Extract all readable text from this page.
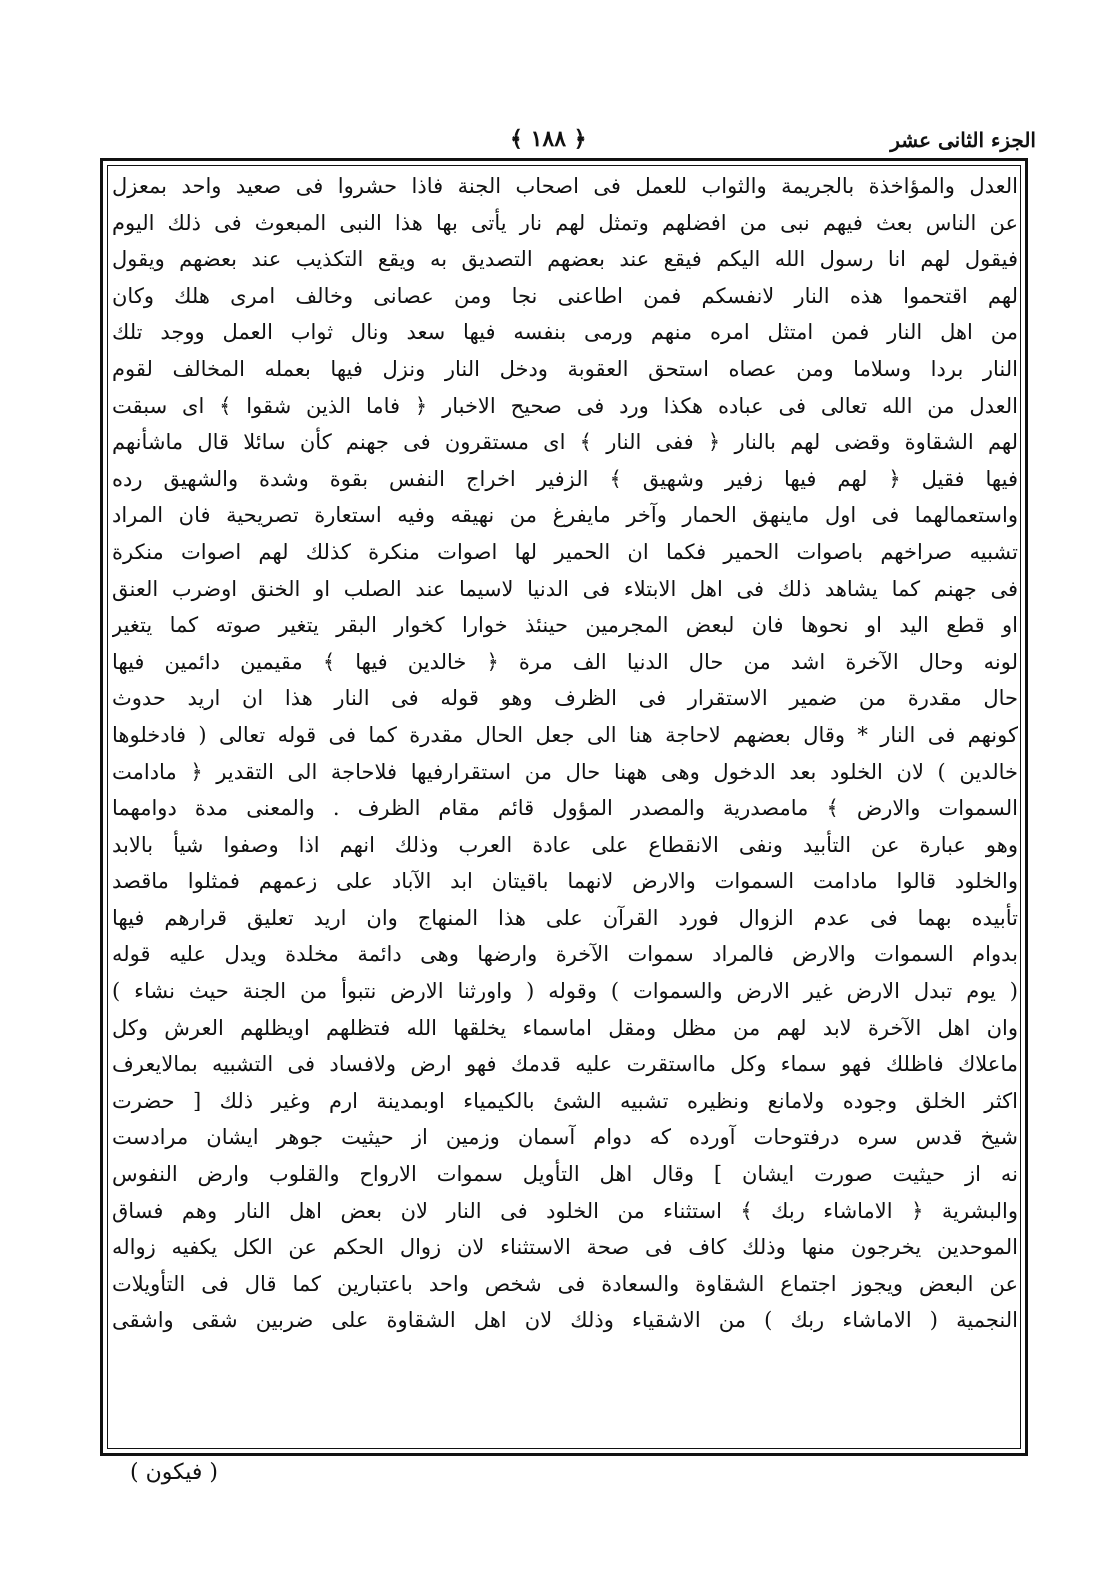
الجزء الثانى عشر
﴿ ١٨٨ ﴾
العدل والمؤاخذة بالجريمة والثواب للعمل فى اصحاب الجنة فاذا حشروا فى صعيد واحد بمعزل
عن الناس بعث فيهم نبى من افضلهم وتمثل لهم نار يأتى بها هذا النبى المبعوث فى ذلك اليوم
فيقول لهم انا رسول الله اليكم فيقع عند بعضهم التصديق به ويقع التكذيب عند بعضهم ويقول
لهم اقتحموا هذه النار لانفسكم فمن اطاعنى نجا ومن عصانى وخالف امرى هلك وكان
من اهل النار فمن امتثل امره منهم ورمى بنفسه فيها سعد ونال ثواب العمل ووجد تلك
النار بردا وسلاما ومن عصاه استحق العقوبة ودخل النار ونزل فيها بعمله المخالف لقوم
العدل من الله تعالى فى عباده هكذا ورد فى صحيح الاخبار ﴿ فاما الذين شقوا ﴾ اى سبقت
لهم الشقاوة وقضى لهم بالنار ﴿ ففى النار ﴾ اى مستقرون فى جهنم كأن سائلا قال ماشأنهم
فيها فقيل ﴿ لهم فيها زفير وشهيق ﴾ الزفير اخراج النفس بقوة وشدة والشهيق رده
واستعمالهما فى اول ماينهق الحمار وآخر مايفرغ من نهيقه وفيه استعارة تصريحية فان المراد
تشبيه صراخهم باصوات الحمير فكما ان الحمير لها اصوات منكرة كذلك لهم اصوات منكرة
فى جهنم كما يشاهد ذلك فى اهل الابتلاء فى الدنيا لاسيما عند الصلب او الخنق اوضرب العنق
او قطع اليد او نحوها فان لبعض المجرمين حينئذ خوارا كخوار البقر يتغير صوته كما يتغير
لونه وحال الآخرة اشد من حال الدنيا الف مرة ﴿ خالدين فيها ﴾ مقيمين دائمين فيها
حال مقدرة من ضمير الاستقرار فى الظرف وهو قوله فى النار هذا ان اريد حدوث
كونهم فى النار * وقال بعضهم لاحاجة هنا الى جعل الحال مقدرة كما فى قوله تعالى ( فادخلوها
خالدين ) لان الخلود بعد الدخول وهى ههنا حال من استقرارفيها فلاحاجة الى التقدير ﴿ مادامت
السموات والارض ﴾ مامصدرية والمصدر المؤول قائم مقام الظرف . والمعنى مدة دوامهما
وهو عبارة عن التأبيد ونفى الانقطاع على عادة العرب وذلك انهم اذا وصفوا شيأ بالابد
والخلود قالوا مادامت السموات والارض لانهما باقيتان ابد الآباد على زعمهم فمثلوا ماقصد
تأبيده بهما فى عدم الزوال فورد القرآن على هذا المنهاج وان اريد تعليق قرارهم فيها
بدوام السموات والارض فالمراد سموات الآخرة وارضها وهى دائمة مخلدة ويدل عليه قوله
( يوم تبدل الارض غير الارض والسموات ) وقوله ( واورثنا الارض نتبوأ من الجنة حيث نشاء )
وان اهل الآخرة لابد لهم من مظل ومقل اماسماء يخلقها الله فتظلهم اويظلهم العرش وكل
ماعلاك فاظلك فهو سماء وكل مااستقرت عليه قدمك فهو ارض ولافساد فى التشبيه بمالايعرف
اكثر الخلق وجوده ولامانع ونظيره تشبيه الشئ بالكيمياء اوبمدينة ارم وغير ذلك [ حضرت
شيخ قدس سره درفتوحات آورده كه دوام آسمان وزمين از حيثيت جوهر ايشان مرادست
نه از حيثيت صورت ايشان ] وقال اهل التأويل سموات الارواح والقلوب وارض النفوس
والبشرية ﴿ الاماشاء ربك ﴾ استثناء من الخلود فى النار لان بعض اهل النار وهم فساق
الموحدين يخرجون منها وذلك كاف فى صحة الاستثناء لان زوال الحكم عن الكل يكفيه زواله
عن البعض ويجوز اجتماع الشقاوة والسعادة فى شخص واحد باعتبارين كما قال فى التأويلات
النجمية ( الاماشاء ربك ) من الاشقياء وذلك لان اهل الشقاوة على ضربين شقى واشقى
( فيكون )
